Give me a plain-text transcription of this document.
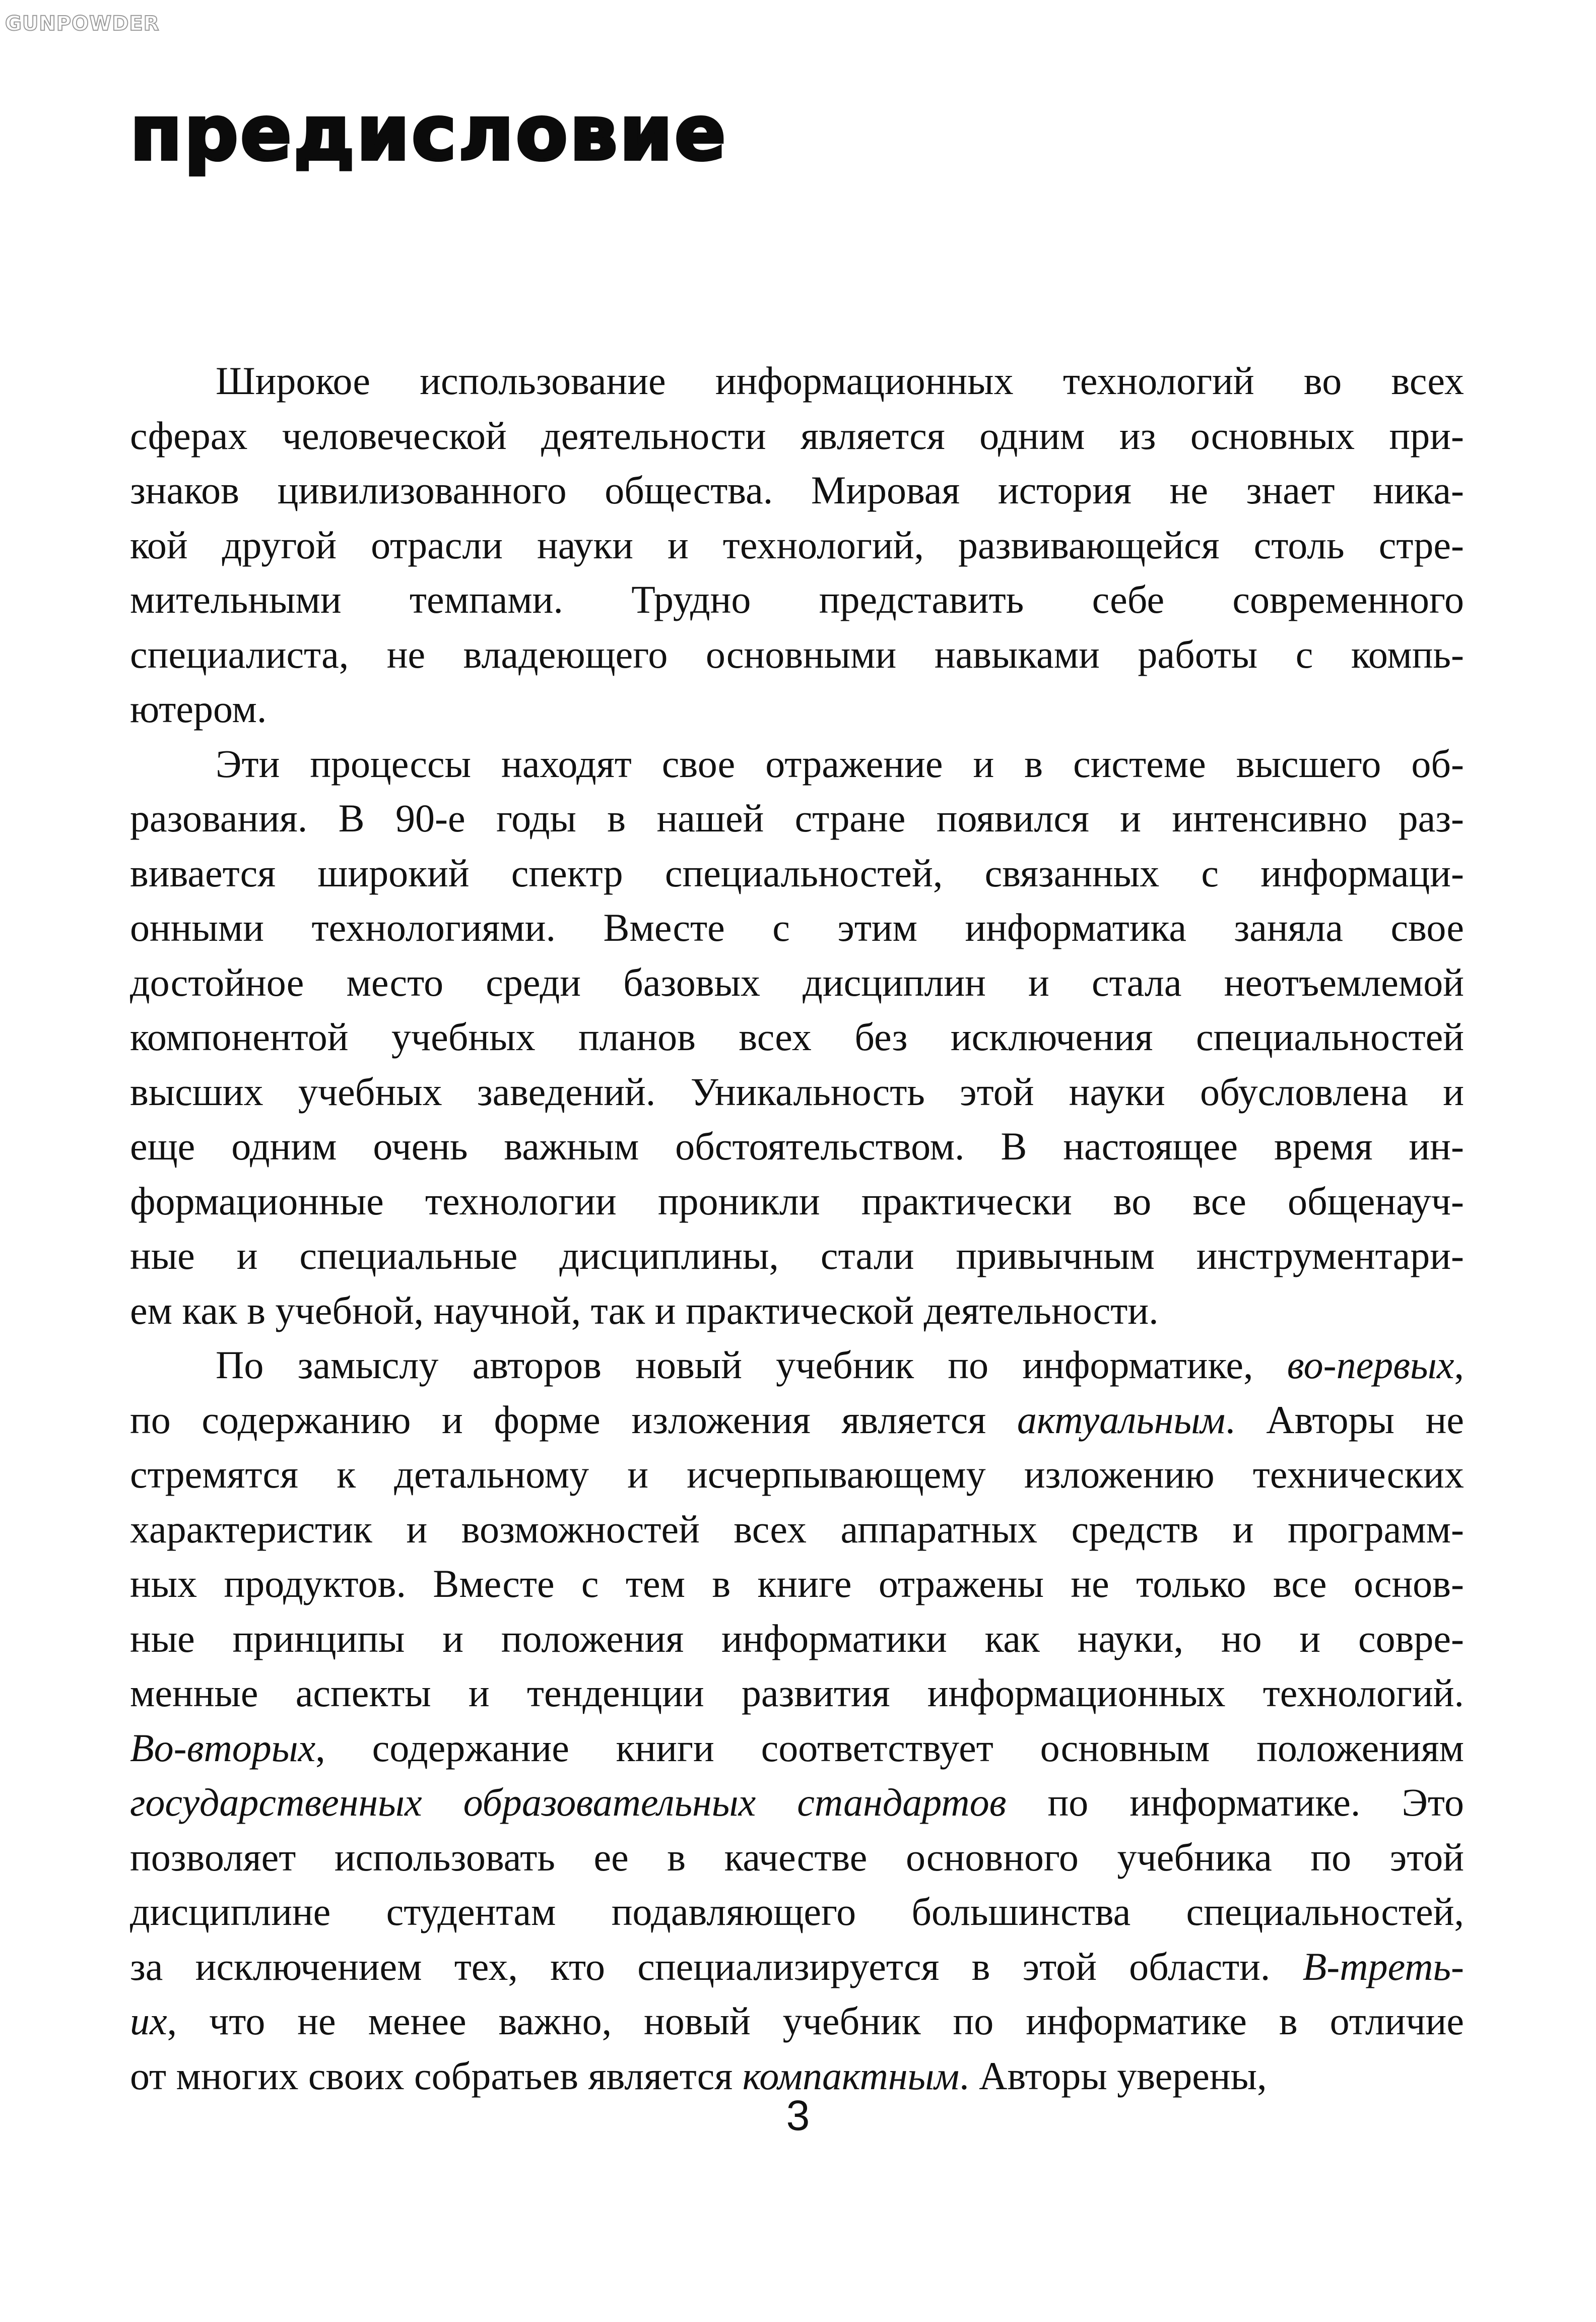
GUNPOWDER
предисловие
Широкое использование информационных технологий во всех
сферах человеческой деятельности является одним из основных при-
знаков цивилизованного общества. Мировая история не знает ника-
кой другой отрасли науки и технологий, развивающейся столь стре-
мительными темпами. Трудно представить себе современного
специалиста, не владеющего основными навыками работы с компь-
ютером.
Эти процессы находят свое отражение и в системе высшего об-
разования. В 90-е годы в нашей стране появился и интенсивно раз-
вивается широкий спектр специальностей, связанных с информаци-
онными технологиями. Вместе с этим информатика заняла свое
достойное место среди базовых дисциплин и стала неотъемлемой
компонентой учебных планов всех без исключения специальностей
высших учебных заведений. Уникальность этой науки обусловлена и
еще одним очень важным обстоятельством. В настоящее время ин-
формационные технологии проникли практически во все общенауч-
ные и специальные дисциплины, стали привычным инструментари-
ем как в учебной, научной, так и практической деятельности.
По замыслу авторов новый учебник по информатике, во-первых,
по содержанию и форме изложения является актуальным. Авторы не
стремятся к детальному и исчерпывающему изложению технических
характеристик и возможностей всех аппаратных средств и программ-
ных продуктов. Вместе с тем в книге отражены не только все основ-
ные принципы и положения информатики как науки, но и совре-
менные аспекты и тенденции развития информационных технологий.
Во-вторых, содержание книги соответствует основным положениям
государственных образовательных стандартов по информатике. Это
позволяет использовать ее в качестве основного учебника по этой
дисциплине студентам подавляющего большинства специальностей,
за исключением тех, кто специализируется в этой области. В-треть-
их, что не менее важно, новый учебник по информатике в отличие
от многих своих собратьев является компактным. Авторы уверены,
3
